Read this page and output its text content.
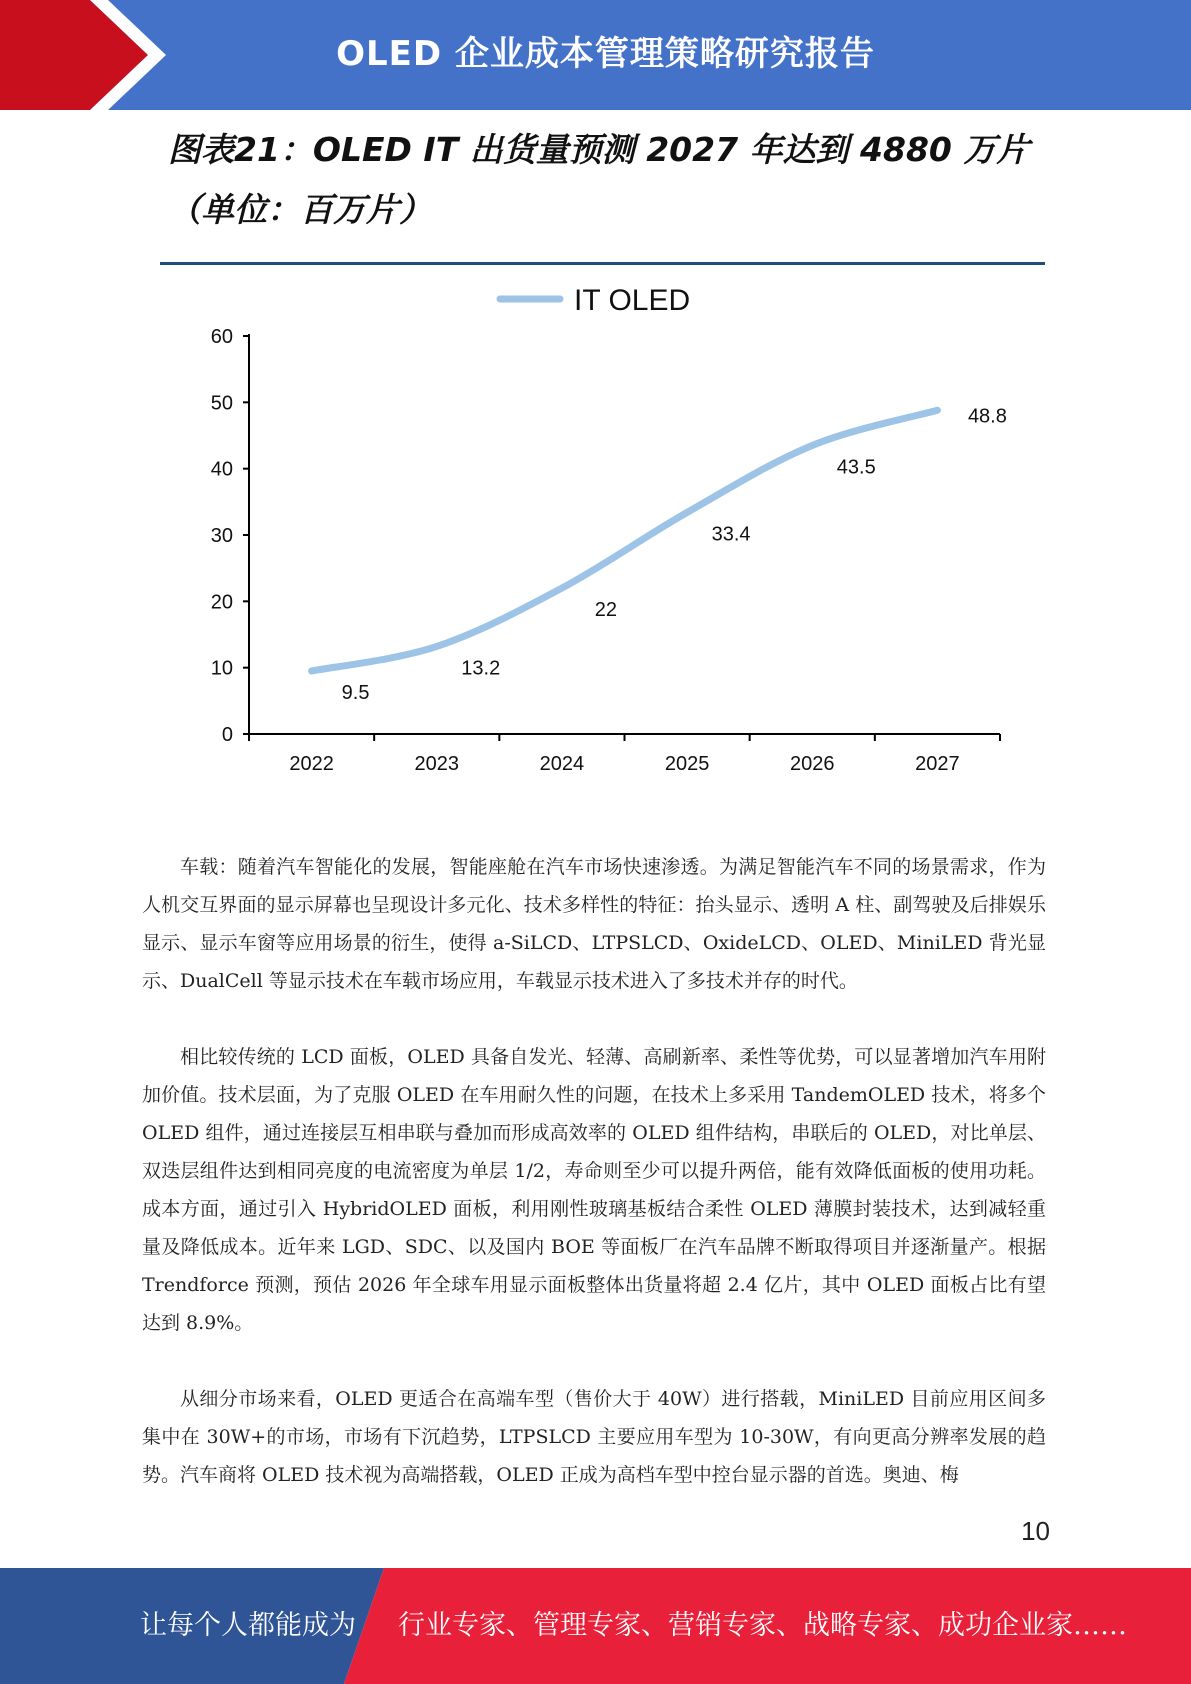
OLED 企业成本管理策略研究报告
图表21：OLED IT 出货量预测 2027 年达到 4880 万片（单位：百万片）
IT OLED
0
10
20
30
40
50
60
2022	2023	2024	2025	2026	2027
9.5
13.2
22
33.4
43.5
48.8

车载：随着汽车智能化的发展，智能座舱在汽车市场快速渗透。为满足智能汽车不同的场景需求，作为人机交互界面的显示屏幕也呈现设计多元化、技术多样性的特征：抬头显示、透明 A 柱、副驾驶及后排娱乐显示、显示车窗等应用场景的衍生，使得 a-SiLCD、LTPSLCD、OxideLCD、OLED、MiniLED 背光显示、DualCell 等显示技术在车载市场应用，车载显示技术进入了多技术并存的时代。

相比较传统的 LCD 面板，OLED 具备自发光、轻薄、高刷新率、柔性等优势，可以显著增加汽车用附加价值。技术层面，为了克服 OLED 在车用耐久性的问题，在技术上多采用 TandemOLED 技术，将多个 OLED 组件，通过连接层互相串联与叠加而形成高效率的 OLED 组件结构，串联后的 OLED，对比单层、双迭层组件达到相同亮度的电流密度为单层 1/2，寿命则至少可以提升两倍，能有效降低面板的使用功耗。成本方面，通过引入 HybridOLED 面板，利用刚性玻璃基板结合柔性 OLED 薄膜封装技术，达到减轻重量及降低成本。近年来 LGD、SDC、以及国内 BOE 等面板厂在汽车品牌不断取得项目并逐渐量产。根据 Trendforce 预测，预估 2026 年全球车用显示面板整体出货量将超 2.4 亿片，其中 OLED 面板占比有望达到 8.9%。

从细分市场来看，OLED 更适合在高端车型（售价大于 40W）进行搭载，MiniLED 目前应用区间多集中在 30W+的市场，市场有下沉趋势，LTPSLCD 主要应用车型为 10-30W，有向更高分辨率发展的趋势。汽车商将 OLED 技术视为高端搭载，OLED 正成为高档车型中控台显示器的首选。奥迪、梅

10
让每个人都能成为 行业专家、管理专家、营销专家、战略专家、成功企业家……
